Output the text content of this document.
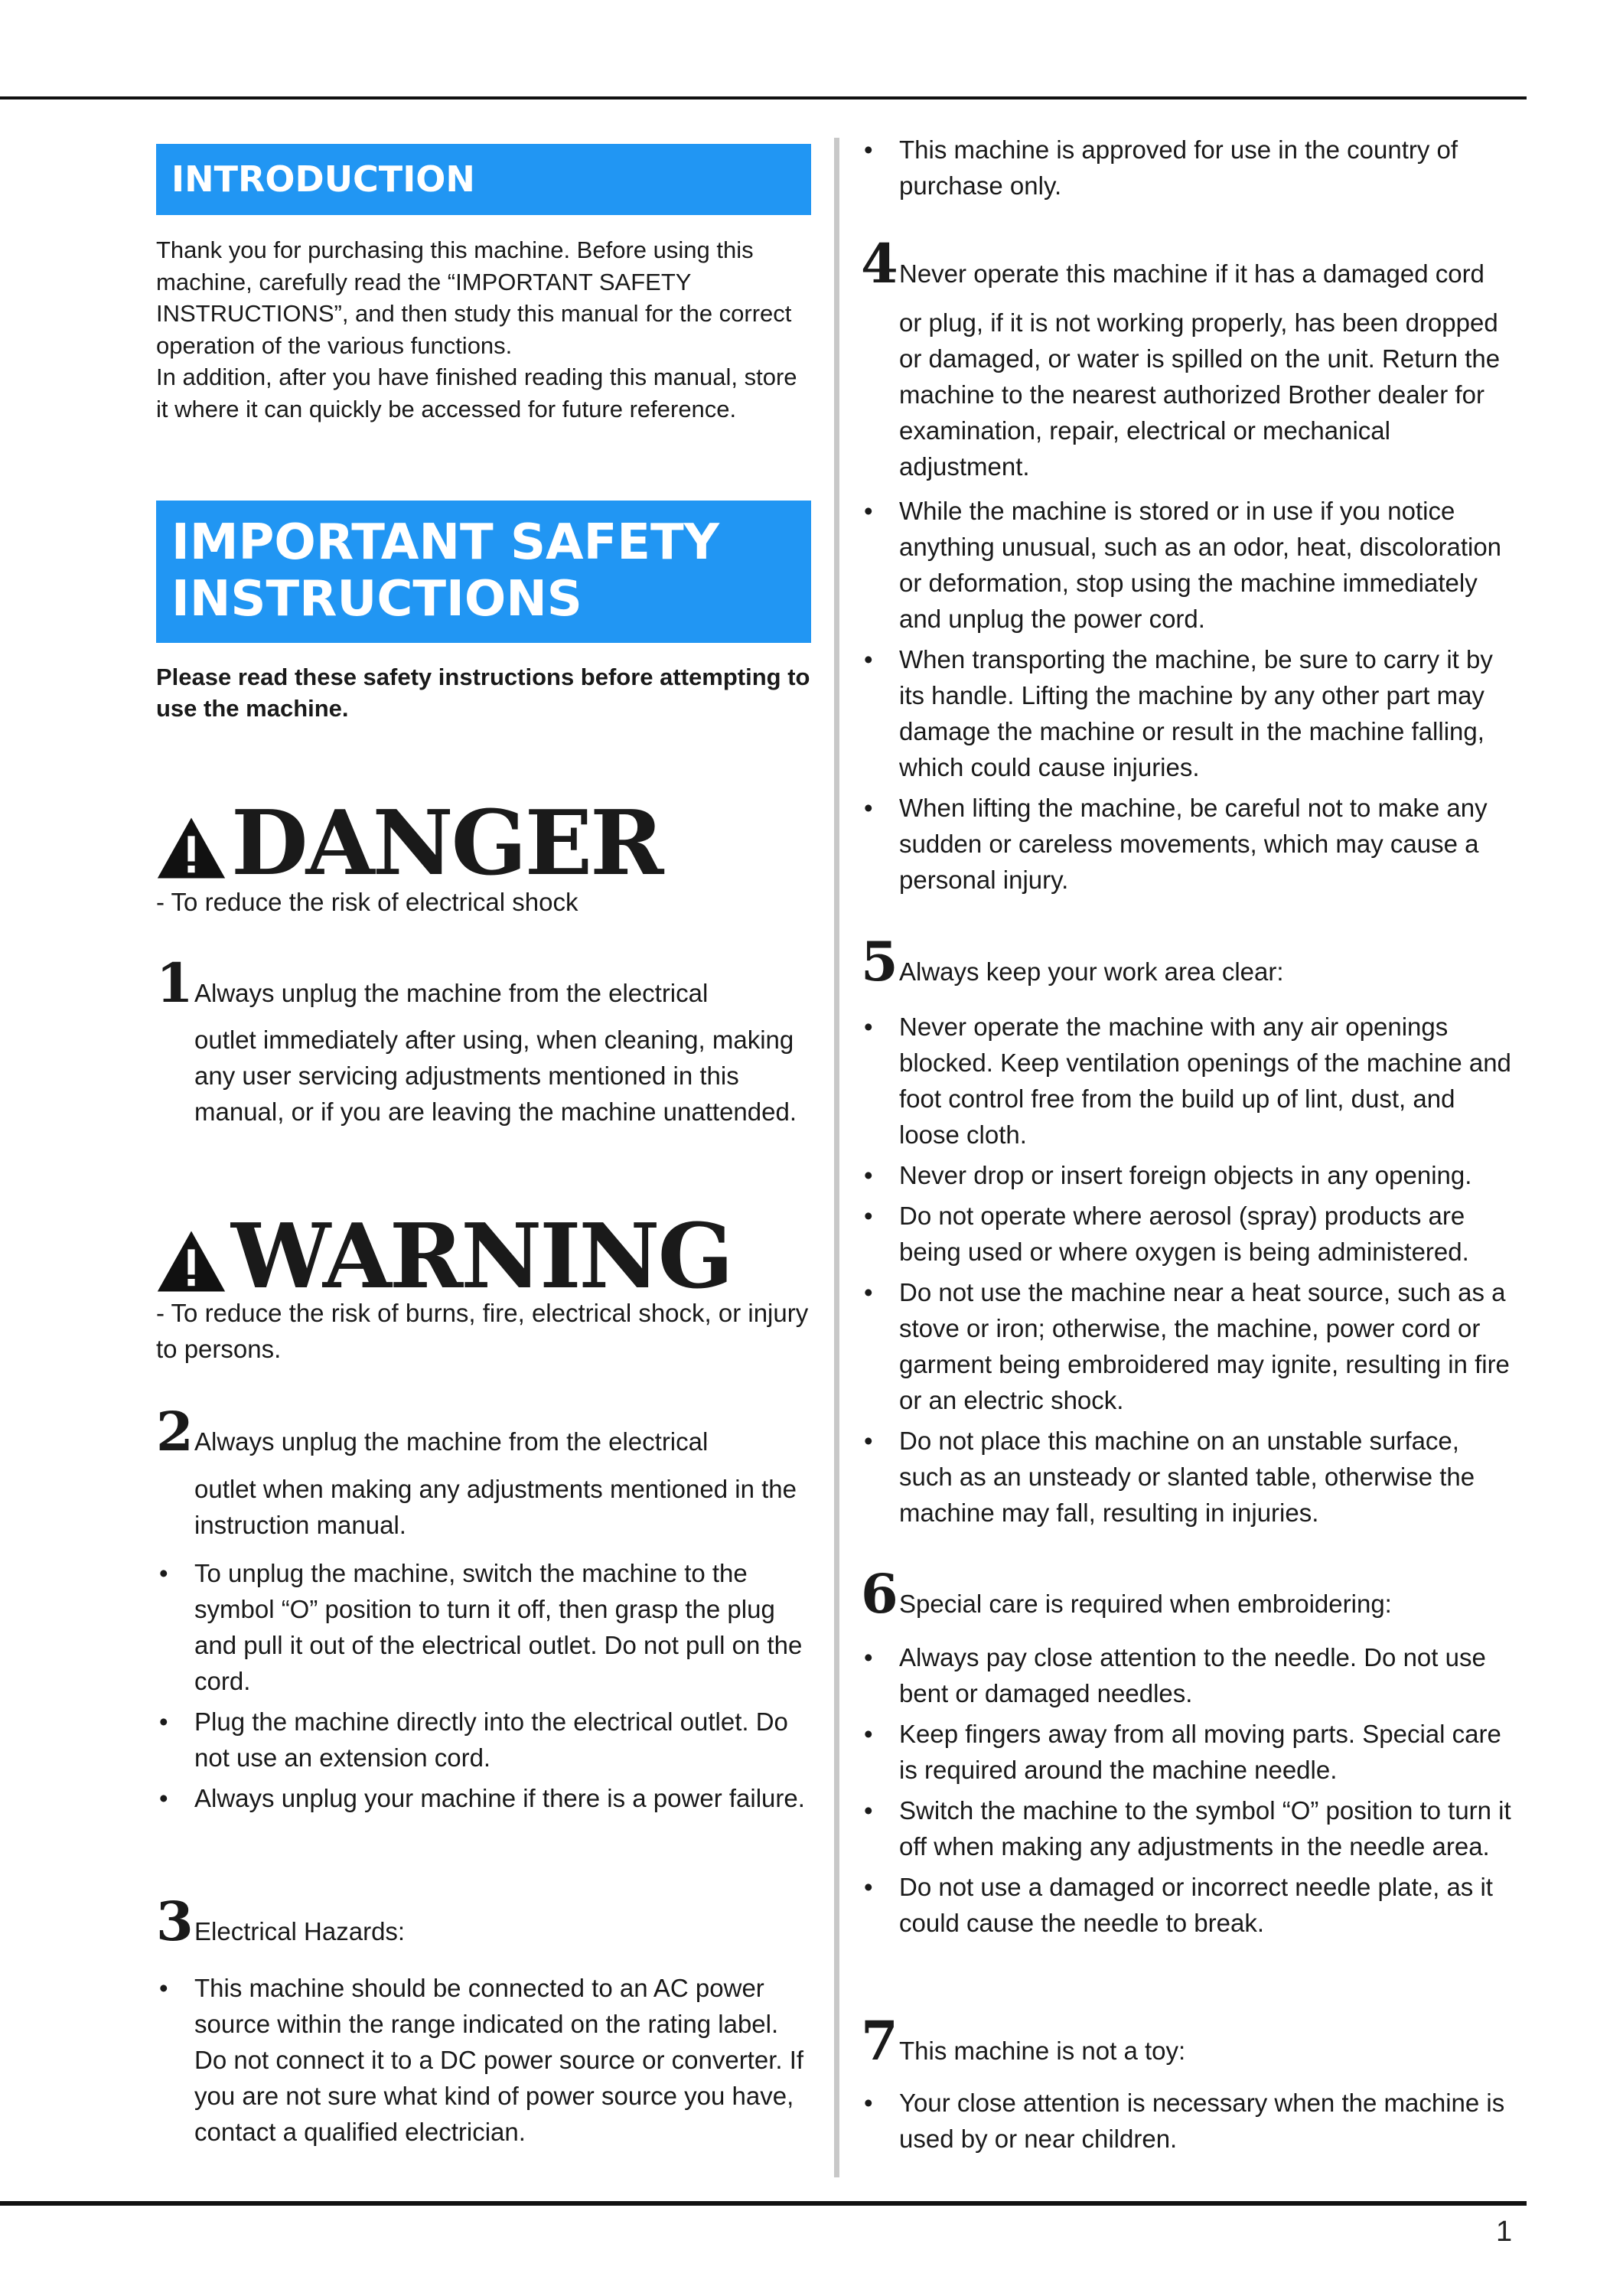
INTRODUCTION
Thank you for purchasing this machine. Before using this machine, carefully read the “IMPORTANT SAFETY INSTRUCTIONS”, and then study this manual for the correct operation of the various functions.
In addition, after you have finished reading this manual, store it where it can quickly be accessed for future reference.
IMPORTANT SAFETY
INSTRUCTIONS
Please read these safety instructions before attempting to use the machine.
DANGER
- To reduce the risk of electrical shock
1 Always unplug the machine from the electrical
outlet immediately after using, when cleaning, making any user servicing adjustments mentioned in this manual, or if you are leaving the machine unattended.
WARNING
- To reduce the risk of burns, fire, electrical shock, or injury to persons.
2 Always unplug the machine from the electrical
outlet when making any adjustments mentioned in the instruction manual.
• To unplug the machine, switch the machine to the symbol “O” position to turn it off, then grasp the plug and pull it out of the electrical outlet. Do not pull on the cord.
• Plug the machine directly into the electrical outlet. Do not use an extension cord.
• Always unplug your machine if there is a power failure.
3 Electrical Hazards:
• This machine should be connected to an AC power source within the range indicated on the rating label. Do not connect it to a DC power source or converter. If you are not sure what kind of power source you have, contact a qualified electrician.
• This machine is approved for use in the country of purchase only.
4 Never operate this machine if it has a damaged cord
or plug, if it is not working properly, has been dropped or damaged, or water is spilled on the unit. Return the machine to the nearest authorized Brother dealer for examination, repair, electrical or mechanical adjustment.
• While the machine is stored or in use if you notice anything unusual, such as an odor, heat, discoloration or deformation, stop using the machine immediately and unplug the power cord.
• When transporting the machine, be sure to carry it by its handle. Lifting the machine by any other part may damage the machine or result in the machine falling, which could cause injuries.
• When lifting the machine, be careful not to make any sudden or careless movements, which may cause a personal injury.
5 Always keep your work area clear:
• Never operate the machine with any air openings blocked. Keep ventilation openings of the machine and foot control free from the build up of lint, dust, and loose cloth.
• Never drop or insert foreign objects in any opening.
• Do not operate where aerosol (spray) products are being used or where oxygen is being administered.
• Do not use the machine near a heat source, such as a stove or iron; otherwise, the machine, power cord or garment being embroidered may ignite, resulting in fire or an electric shock.
• Do not place this machine on an unstable surface, such as an unsteady or slanted table, otherwise the machine may fall, resulting in injuries.
6 Special care is required when embroidering:
• Always pay close attention to the needle. Do not use bent or damaged needles.
• Keep fingers away from all moving parts. Special care is required around the machine needle.
• Switch the machine to the symbol “O” position to turn it off when making any adjustments in the needle area.
• Do not use a damaged or incorrect needle plate, as it could cause the needle to break.
7 This machine is not a toy:
• Your close attention is necessary when the machine is used by or near children.
1
